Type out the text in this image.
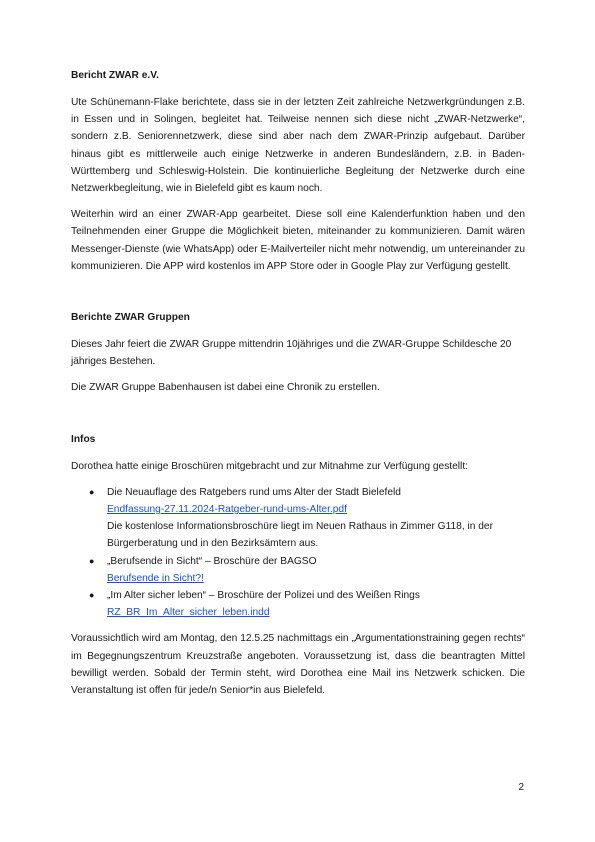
Bericht ZWAR e.V.

Ute Schünemann-Flake berichtete, dass sie in der letzten Zeit zahlreiche Netzwerkgründungen z.B. in Essen und in Solingen, begleitet hat. Teilweise nennen sich diese nicht „ZWAR-Netzwerke“, sondern z.B. Seniorennetzwerk, diese sind aber nach dem ZWAR-Prinzip aufgebaut. Darüber hinaus gibt es mittlerweile auch einige Netzwerke in anderen Bundesländern, z.B. in Baden-Württemberg und Schleswig-Holstein. Die kontinuierliche Begleitung der Netzwerke durch eine Netzwerkbegleitung, wie in Bielefeld gibt es kaum noch.

Weiterhin wird an einer ZWAR-App gearbeitet. Diese soll eine Kalenderfunktion haben und den Teilnehmenden einer Gruppe die Möglichkeit bieten, miteinander zu kommunizieren. Damit wären Messenger-Dienste (wie WhatsApp) oder E-Mailverteiler nicht mehr notwendig, um untereinander zu kommunizieren. Die APP wird kostenlos im APP Store oder in Google Play zur Verfügung gestellt.

Berichte ZWAR Gruppen

Dieses Jahr feiert die ZWAR Gruppe mittendrin 10jähriges und die ZWAR-Gruppe Schildesche 20 jähriges Bestehen.

Die ZWAR Gruppe Babenhausen ist dabei eine Chronik zu erstellen.

Infos

Dorothea hatte einige Broschüren mitgebracht und zur Mitnahme zur Verfügung gestellt:

● Die Neuauflage des Ratgebers rund ums Alter der Stadt Bielefeld
Endfassung-27.11.2024-Ratgeber-rund-ums-Alter.pdf
Die kostenlose Informationsbroschüre liegt im Neuen Rathaus in Zimmer G118, in der Bürgerberatung und in den Bezirksämtern aus.
● „Berufsende in Sicht“ – Broschüre der BAGSO
Berufsende in Sicht?!
● „Im Alter sicher leben“ – Broschüre der Polizei und des Weißen Rings
RZ_BR_Im_Alter_sicher_leben.indd

Voraussichtlich wird am Montag, den 12.5.25 nachmittags ein „Argumentationstraining gegen rechts“ im Begegnungszentrum Kreuzstraße angeboten. Voraussetzung ist, dass die beantragten Mittel bewilligt werden. Sobald der Termin steht, wird Dorothea eine Mail ins Netzwerk schicken. Die Veranstaltung ist offen für jede/n Senior*in aus Bielefeld.

2
